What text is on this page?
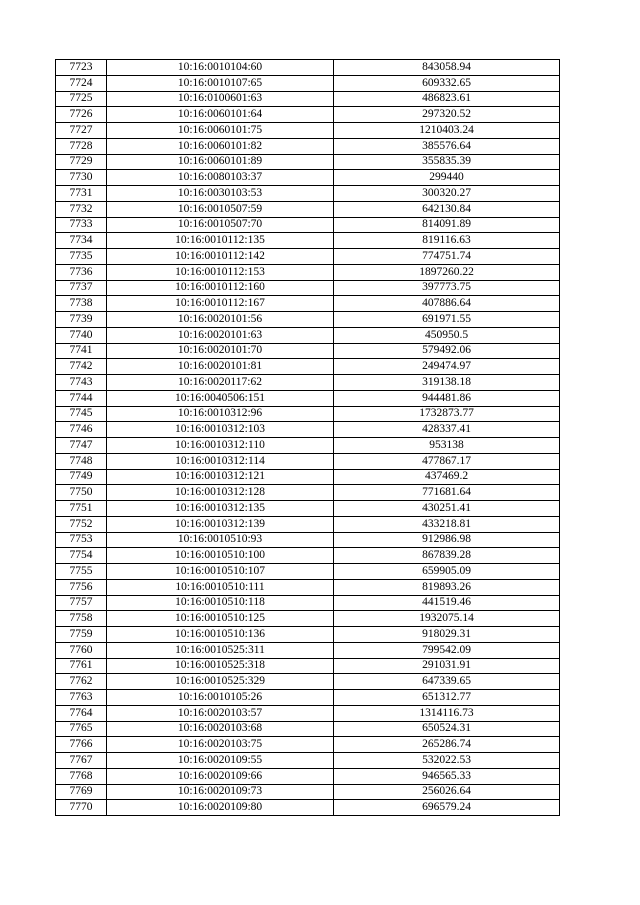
7723	10:16:0010104:60	843058.94
7724	10:16:0010107:65	609332.65
7725	10:16:0100601:63	486823.61
7726	10:16:0060101:64	297320.52
7727	10:16:0060101:75	1210403.24
7728	10:16:0060101:82	385576.64
7729	10:16:0060101:89	355835.39
7730	10:16:0080103:37	299440
7731	10:16:0030103:53	300320.27
7732	10:16:0010507:59	642130.84
7733	10:16:0010507:70	814091.89
7734	10:16:0010112:135	819116.63
7735	10:16:0010112:142	774751.74
7736	10:16:0010112:153	1897260.22
7737	10:16:0010112:160	397773.75
7738	10:16:0010112:167	407886.64
7739	10:16:0020101:56	691971.55
7740	10:16:0020101:63	450950.5
7741	10:16:0020101:70	579492.06
7742	10:16:0020101:81	249474.97
7743	10:16:0020117:62	319138.18
7744	10:16:0040506:151	944481.86
7745	10:16:0010312:96	1732873.77
7746	10:16:0010312:103	428337.41
7747	10:16:0010312:110	953138
7748	10:16:0010312:114	477867.17
7749	10:16:0010312:121	437469.2
7750	10:16:0010312:128	771681.64
7751	10:16:0010312:135	430251.41
7752	10:16:0010312:139	433218.81
7753	10:16:0010510:93	912986.98
7754	10:16:0010510:100	867839.28
7755	10:16:0010510:107	659905.09
7756	10:16:0010510:111	819893.26
7757	10:16:0010510:118	441519.46
7758	10:16:0010510:125	1932075.14
7759	10:16:0010510:136	918029.31
7760	10:16:0010525:311	799542.09
7761	10:16:0010525:318	291031.91
7762	10:16:0010525:329	647339.65
7763	10:16:0010105:26	651312.77
7764	10:16:0020103:57	1314116.73
7765	10:16:0020103:68	650524.31
7766	10:16:0020103:75	265286.74
7767	10:16:0020109:55	532022.53
7768	10:16:0020109:66	946565.33
7769	10:16:0020109:73	256026.64
7770	10:16:0020109:80	696579.24
